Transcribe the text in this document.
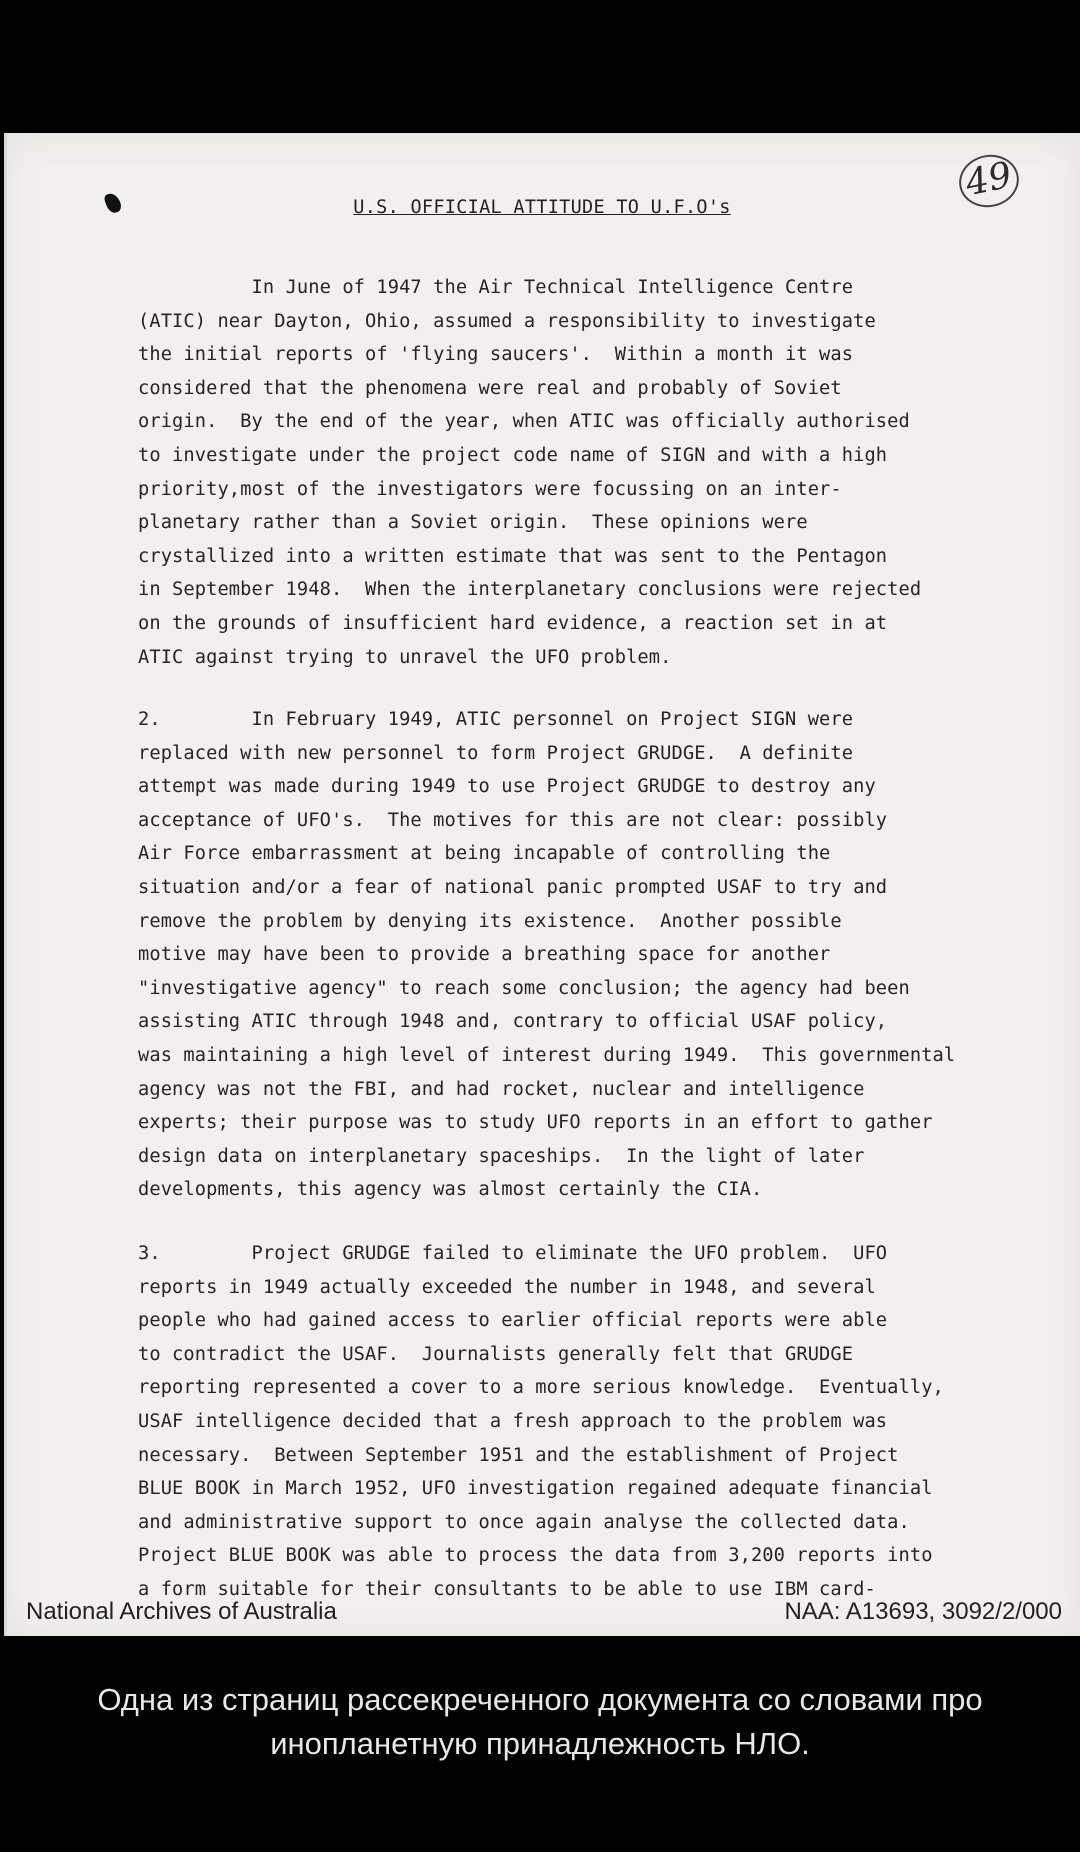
49
U.S. OFFICIAL ATTITUDE TO U.F.O's
In June of 1947 the Air Technical Intelligence Centre
(ATIC) near Dayton, Ohio, assumed a responsibility to investigate
the initial reports of 'flying saucers'.  Within a month it was
considered that the phenomena were real and probably of Soviet
origin.  By the end of the year, when ATIC was officially authorised
to investigate under the project code name of SIGN and with a high
priority,most of the investigators were focussing on an inter-
planetary rather than a Soviet origin.  These opinions were
crystallized into a written estimate that was sent to the Pentagon
in September 1948.  When the interplanetary conclusions were rejected
on the grounds of insufficient hard evidence, a reaction set in at
ATIC against trying to unravel the UFO problem.
2.        In February 1949, ATIC personnel on Project SIGN were
replaced with new personnel to form Project GRUDGE.  A definite
attempt was made during 1949 to use Project GRUDGE to destroy any
acceptance of UFO's.  The motives for this are not clear: possibly
Air Force embarrassment at being incapable of controlling the
situation and/or a fear of national panic prompted USAF to try and
remove the problem by denying its existence.  Another possible
motive may have been to provide a breathing space for another
"investigative agency" to reach some conclusion; the agency had been
assisting ATIC through 1948 and, contrary to official USAF policy,
was maintaining a high level of interest during 1949.  This governmental
agency was not the FBI, and had rocket, nuclear and intelligence
experts; their purpose was to study UFO reports in an effort to gather
design data on interplanetary spaceships.  In the light of later
developments, this agency was almost certainly the CIA.
3.        Project GRUDGE failed to eliminate the UFO problem.  UFO
reports in 1949 actually exceeded the number in 1948, and several
people who had gained access to earlier official reports were able
to contradict the USAF.  Journalists generally felt that GRUDGE
reporting represented a cover to a more serious knowledge.  Eventually,
USAF intelligence decided that a fresh approach to the problem was
necessary.  Between September 1951 and the establishment of Project
BLUE BOOK in March 1952, UFO investigation regained adequate financial
and administrative support to once again analyse the collected data.
Project BLUE BOOK was able to process the data from 3,200 reports into
a form suitable for their consultants to be able to use IBM card-
National Archives of Australia	NAA: A13693, 3092/2/000
Одна из страниц рассекреченного документа со словами про инопланетную принадлежность НЛО.
